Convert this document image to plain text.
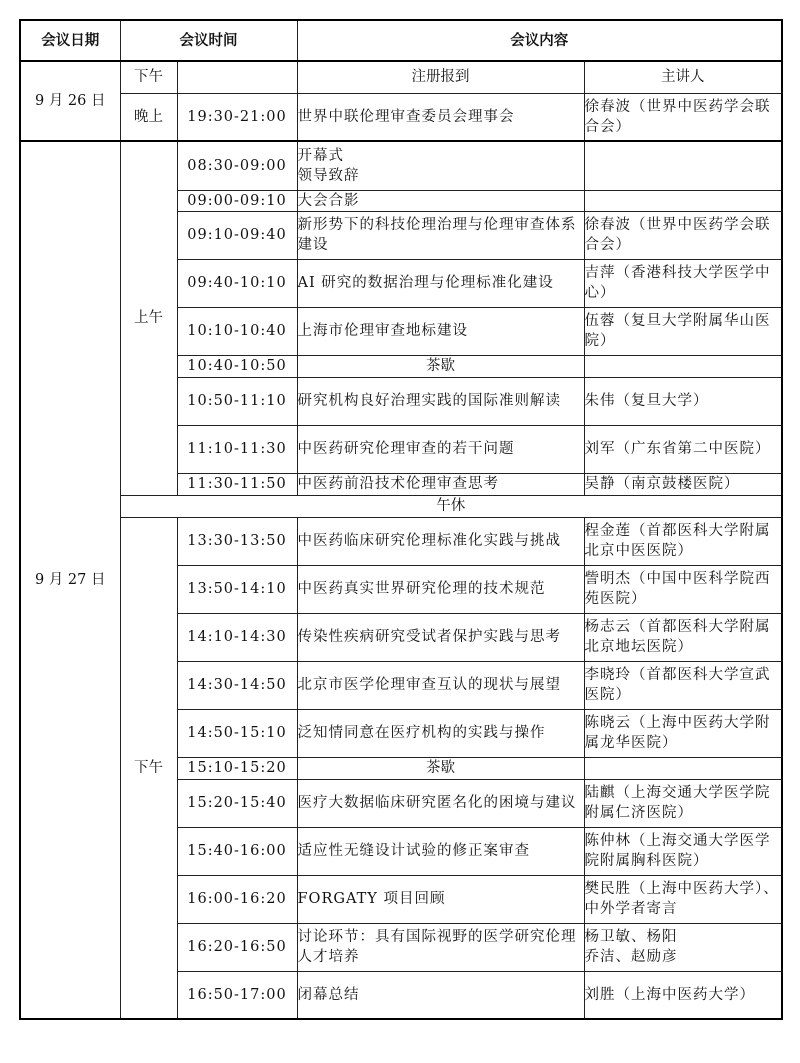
会议日期	会议时间		会议内容	
9 月 26 日	下午		注册报到	主讲人
	晚上	19:30-21:00	世界中联伦理审查委员会理事会	徐春波（世界中医药学会联合会）
9 月 27 日	上午	08:30-09:00	开幕式
领导致辞	
		09:00-09:10	大会合影	
		09:10-09:40	新形势下的科技伦理治理与伦理审查体系建设	徐春波（世界中医药学会联合会）
		09:40-10:10	AI 研究的数据治理与伦理标准化建设	吉萍（香港科技大学医学中心）
		10:10-10:40	上海市伦理审查地标建设	伍蓉（复旦大学附属华山医院）
		10:40-10:50	茶歇	
		10:50-11:10	研究机构良好治理实践的国际准则解读	朱伟（复旦大学）
		11:10-11:30	中医药研究伦理审查的若干问题	刘军（广东省第二中医院）
		11:30-11:50	中医药前沿技术伦理审查思考	吴静（南京鼓楼医院）
	午休			
	下午	13:30-13:50	中医药临床研究伦理标准化实践与挑战	程金莲（首都医科大学附属北京中医医院）
		13:50-14:10	中医药真实世界研究伦理的技术规范	訾明杰（中国中医科学院西苑医院）
		14:10-14:30	传染性疾病研究受试者保护实践与思考	杨志云（首都医科大学附属北京地坛医院）
		14:30-14:50	北京市医学伦理审查互认的现状与展望	李晓玲（首都医科大学宣武医院）
		14:50-15:10	泛知情同意在医疗机构的实践与操作	陈晓云（上海中医药大学附属龙华医院）
		15:10-15:20	茶歇	
		15:20-15:40	医疗大数据临床研究匿名化的困境与建议	陆麒（上海交通大学医学院附属仁济医院）
		15:40-16:00	适应性无缝设计试验的修正案审查	陈仲林（上海交通大学医学院附属胸科医院）
		16:00-16:20	FORGATY 项目回顾	樊民胜（上海中医药大学）、中外学者寄言
		16:20-16:50	讨论环节：具有国际视野的医学研究伦理人才培养	杨卫敏、杨阳
乔洁、赵励彦
		16:50-17:00	闭幕总结	刘胜（上海中医药大学）
